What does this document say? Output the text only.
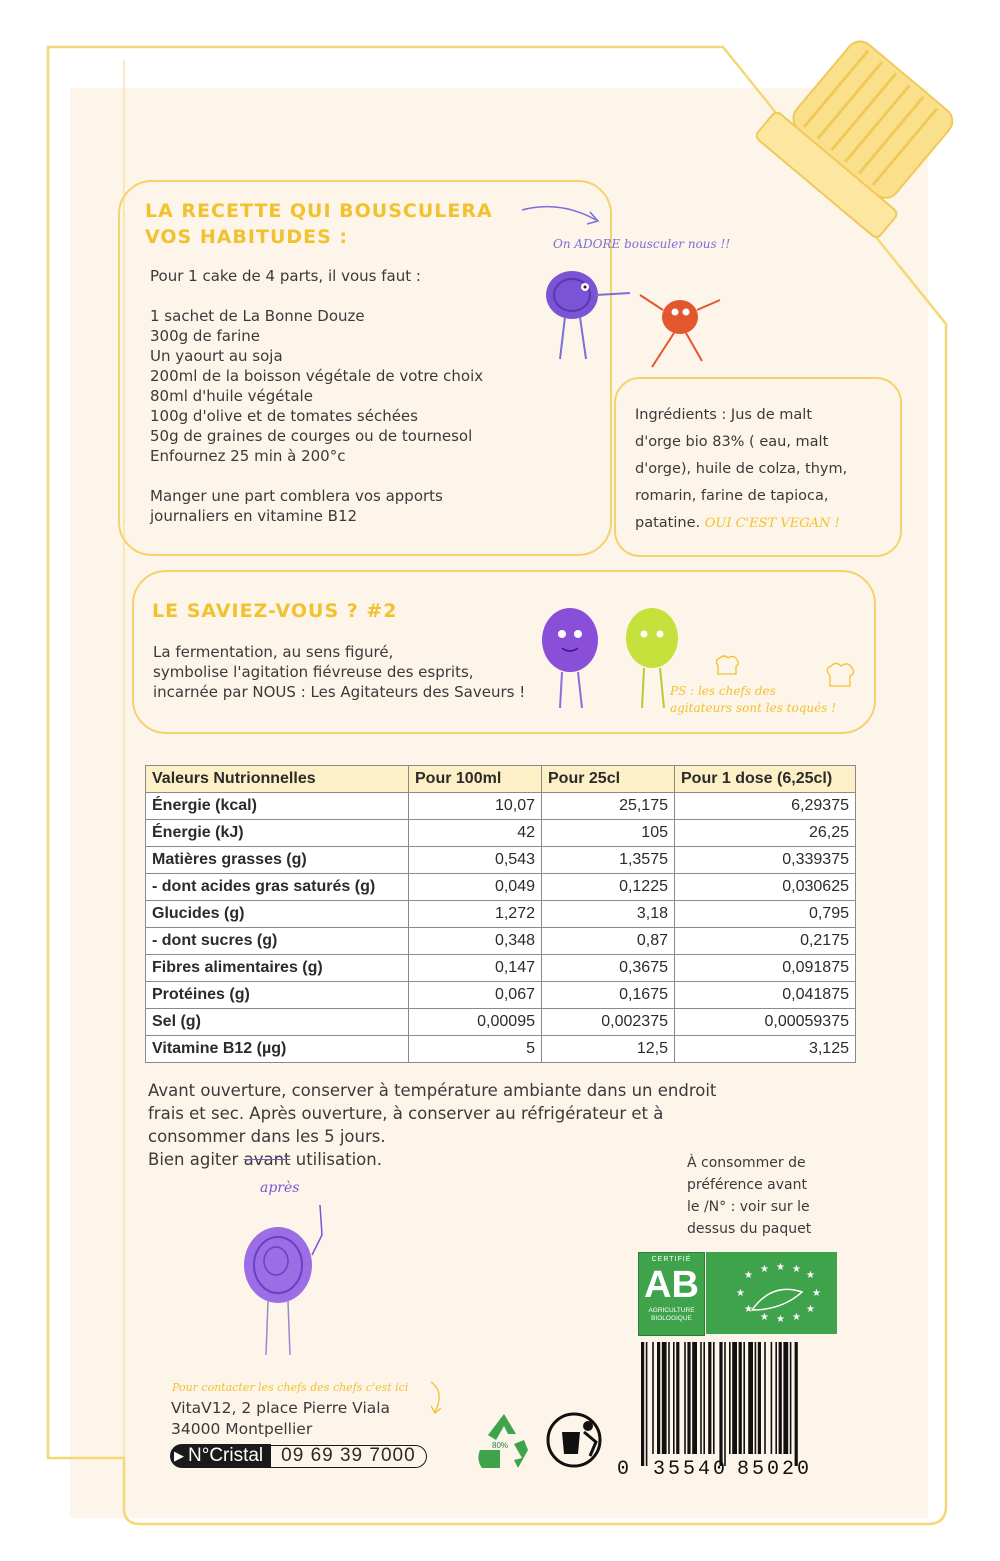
LA RECETTE QUI BOUSCULERA
VOS HABITUDES :
Pour 1 cake de 4 parts, il vous faut :
1 sachet de La Bonne Douze
300g de farine
Un yaourt au soja
200ml de la boisson végétale de votre choix
80ml d'huile végétale
100g d'olive et de tomates séchées
50g de graines de courges ou de tournesol
Enfournez 25 min à 200°c
Manger une part comblera vos apports
journaliers en vitamine B12
On ADORE bousculer nous !!
Ingrédients : Jus de malt
d'orge bio 83% ( eau, malt
d'orge), huile de colza, thym,
romarin, farine de tapioca,
patatine. OUI C'EST VEGAN !
LE SAVIEZ-VOUS ? #2
La fermentation, au sens figuré,
symbolise l'agitation fiévreuse des esprits,
incarnée par NOUS : Les Agitateurs des Saveurs !	PS : les chefs des
agitateurs sont les toqués !
Valeurs Nutrionnelles	Pour 100ml	Pour 25cl	Pour 1 dose (6,25cl)
Énergie (kcal)	10,07	25,175	6,29375
Énergie (kJ)	42	105	26,25
Matières grasses (g)	0,543	1,3575	0,339375
- dont acides gras saturés (g)	0,049	0,1225	0,030625
Glucides (g)	1,272	3,18	0,795
- dont sucres (g)	0,348	0,87	0,2175
Fibres alimentaires (g)	0,147	0,3675	0,091875
Protéines (g)	0,067	0,1675	0,041875
Sel (g)	0,00095	0,002375	0,00059375
Vitamine B12 (µg)	5	12,5	3,125
Avant ouverture, conserver à température ambiante dans un endroit
frais et sec. Après ouverture, à conserver au réfrigérateur et à
consommer dans les 5 jours.
Bien agiter avant utilisation.
après
À consommer de
préférence avant
le /N° : voir sur le
dessus du paquet
CERTIFIÉ
AB
AGRICULTURE
BIOLOGIQUE
★
★ ★ ★
★
★	★
★
★ ★ ★
★
0 35540 85020
Pour contacter les chefs des chefs c'est ici
VitaV12, 2 place Pierre Viala
34000 Montpellier
▶ N°Cristal 09 69 39 7000	80%
